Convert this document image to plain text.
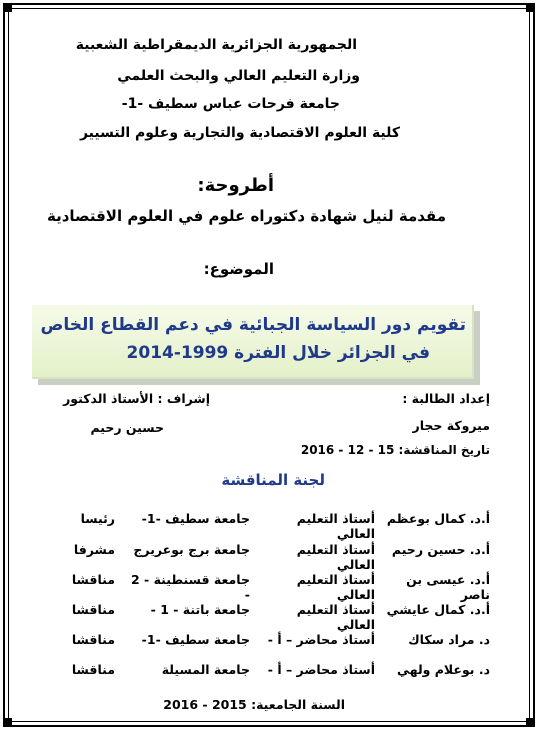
الجمهورية الجزائرية الديمقراطية الشعبية
وزارة التعليم العالي والبحث العلمي
جامعة فرحات عباس سطيف -1-
كلية العلوم الاقتصادية والتجارية وعلوم التسيير
أطروحة:
مقدمة لنيل شهادة دكتوراه علوم في العلوم الاقتصادية
الموضوع:
تقويم دور السياسة الجبائية في دعم القطاع الخاص
في الجزائر خلال الفترة 1999-2014
إعداد الطالبة :
إشراف : الأستاذ الدكتور
ميروكة حجار
حسين رحيم
تاريخ المناقشة: 15 - 12 - 2016
لجنة المناقشة
أ.د. كمال بوعظم
أستاذ التعليم العالي
جامعة سطيف -1-
رئيسا
أ.د. حسين رحيم
أستاذ التعليم العالي
جامعة برج بوعريرج
مشرفا
أ.د. عيسى بن ناصر
أستاذ التعليم العالي
جامعة قسنطينة - 2 -
مناقشا
أ.د. كمال عايشي
أستاذ التعليم العالي
جامعة باتنة - 1 -
مناقشا
د. مراد سكاك
أستاذ محاضر – أ -
جامعة سطيف -1-
مناقشا
د. بوعلام ولهي
أستاذ محاضر – أ -
جامعة المسيلة
مناقشا
السنة الجامعية: 2015 - 2016
